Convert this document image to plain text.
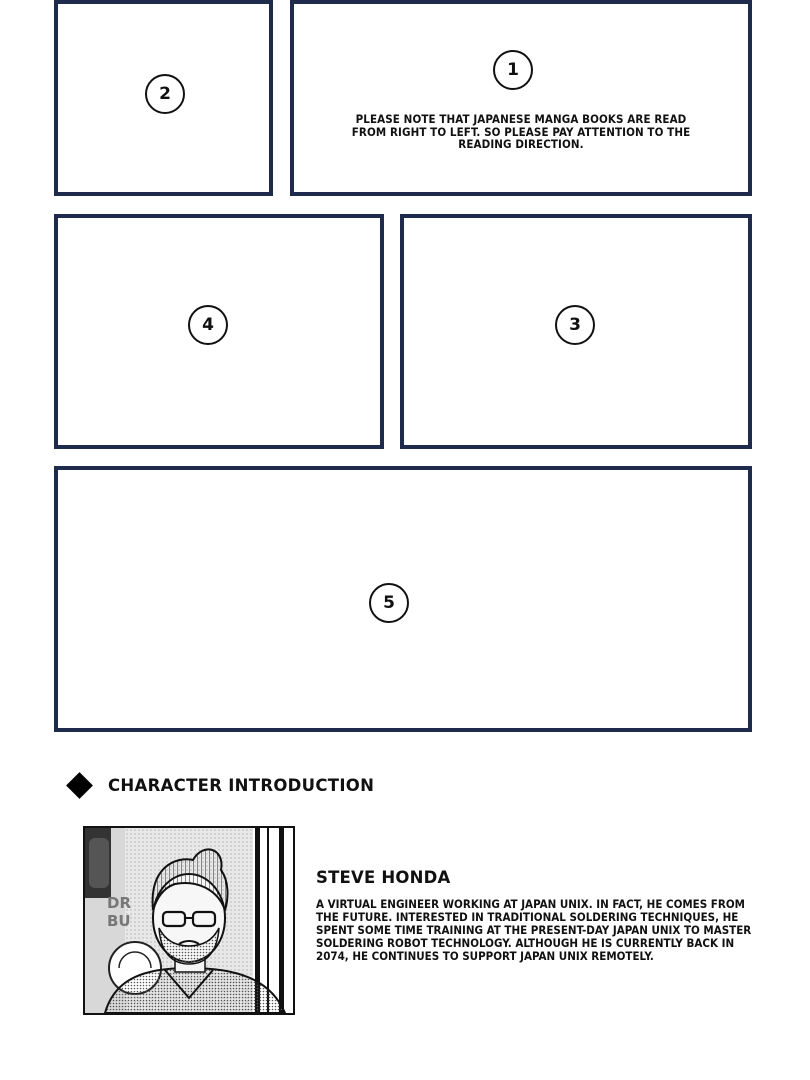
2
1
PLEASE NOTE THAT JAPANESE MANGA BOOKS ARE READ FROM RIGHT TO LEFT. SO PLEASE PAY ATTENTION TO THE READING DIRECTION.
4	3
5
CHARACTER INTRODUCTION
DR
BU
STEVE HONDA
A VIRTUAL ENGINEER WORKING AT JAPAN UNIX. IN FACT, HE COMES FROM THE FUTURE. INTERESTED IN TRADITIONAL SOLDERING TECHNIQUES, HE SPENT SOME TIME TRAINING AT THE PRESENT-DAY JAPAN UNIX TO MASTER SOLDERING ROBOT TECHNOLOGY. ALTHOUGH HE IS CURRENTLY BACK IN 2074, HE CONTINUES TO SUPPORT JAPAN UNIX REMOTELY.
